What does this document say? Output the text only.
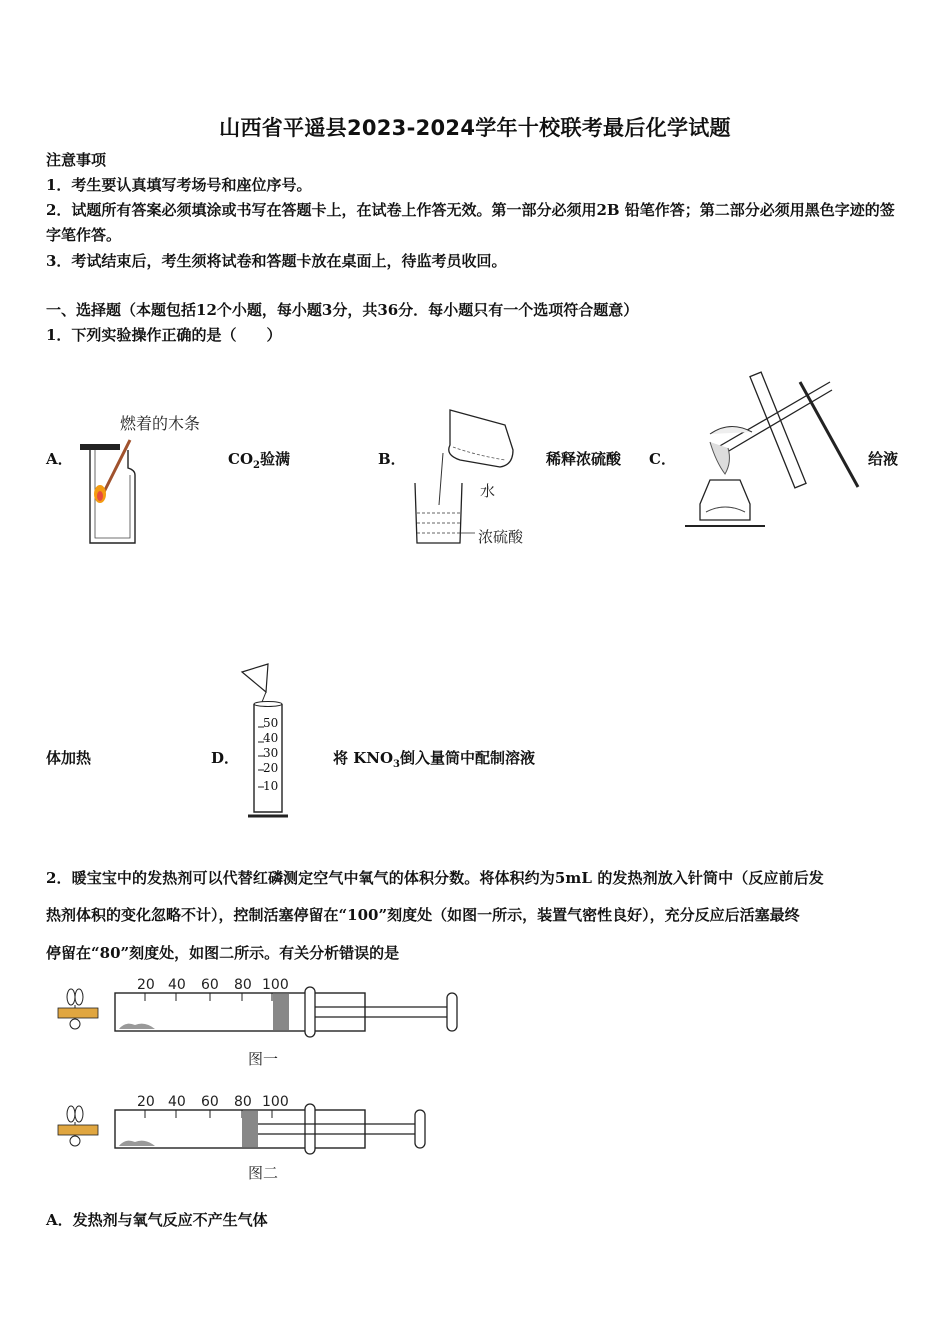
山西省平遥县2023-2024学年十校联考最后化学试题
注意事项
1．考生要认真填写考场号和座位序号。
2．试题所有答案必须填涂或书写在答题卡上，在试卷上作答无效。第一部分必须用2B 铅笔作答；第二部分必须用黑色字迹的签字笔作答。
3．考试结束后，考生须将试卷和答题卡放在桌面上，待监考员收回。
一、选择题（本题包括12个小题，每小题3分，共36分．每小题只有一个选项符合题意）
1．下列实验操作正确的是（　　）
A．
燃着的木条
$CO_2$验满	B．
水
浓硫酸
稀释浓硫酸 C．	给液
体加热	D．
50
40
30
20
10
将 $KNO_3$倒入量筒中配制溶液
2．暖宝宝中的发热剂可以代替红磷测定空气中氧气的体积分数。将体积约为5mL 的发热剂放入针筒中（反应前后发
热剂体积的变化忽略不计），控制活塞停留在“100”刻度处（如图一所示，装置气密性良好），充分反应后活塞最终
停留在“80”刻度处，如图二所示。有关分析错误的是
20 40 60 80 100
图一
20 40 60 80 100
图二
A．发热剂与氧气反应不产生气体
